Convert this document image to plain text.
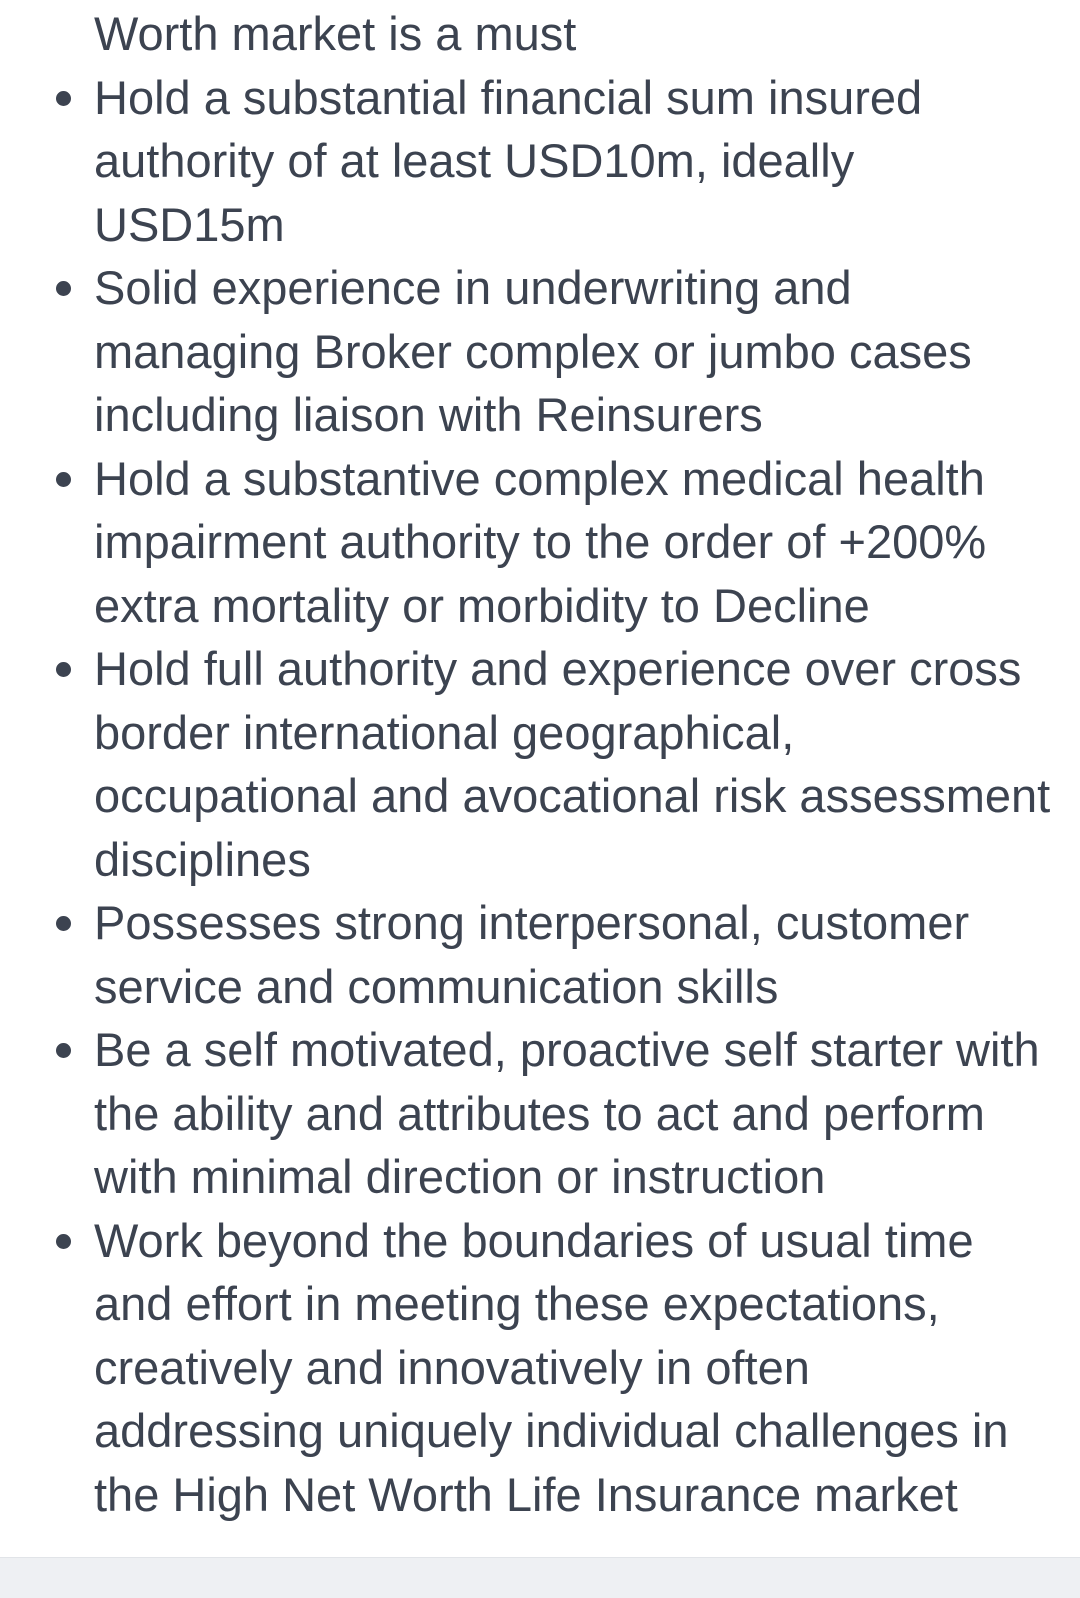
Worth market is a must

Hold a substantial financial sum insured authority of at least USD10m, ideally USD15m
Solid experience in underwriting and managing Broker complex or jumbo cases including liaison with Reinsurers
Hold a substantive complex medical health impairment authority to the order of +200% extra mortality or morbidity to Decline
Hold full authority and experience over cross border international geographical, occupational and avocational risk assessment disciplines
Possesses strong interpersonal, customer service and communication skills
Be a self motivated, proactive self starter with the ability and attributes to act and perform with minimal direction or instruction
Work beyond the boundaries of usual time and effort in meeting these expectations, creatively and innovatively in often addressing uniquely individual challenges in the High Net Worth Life Insurance market
